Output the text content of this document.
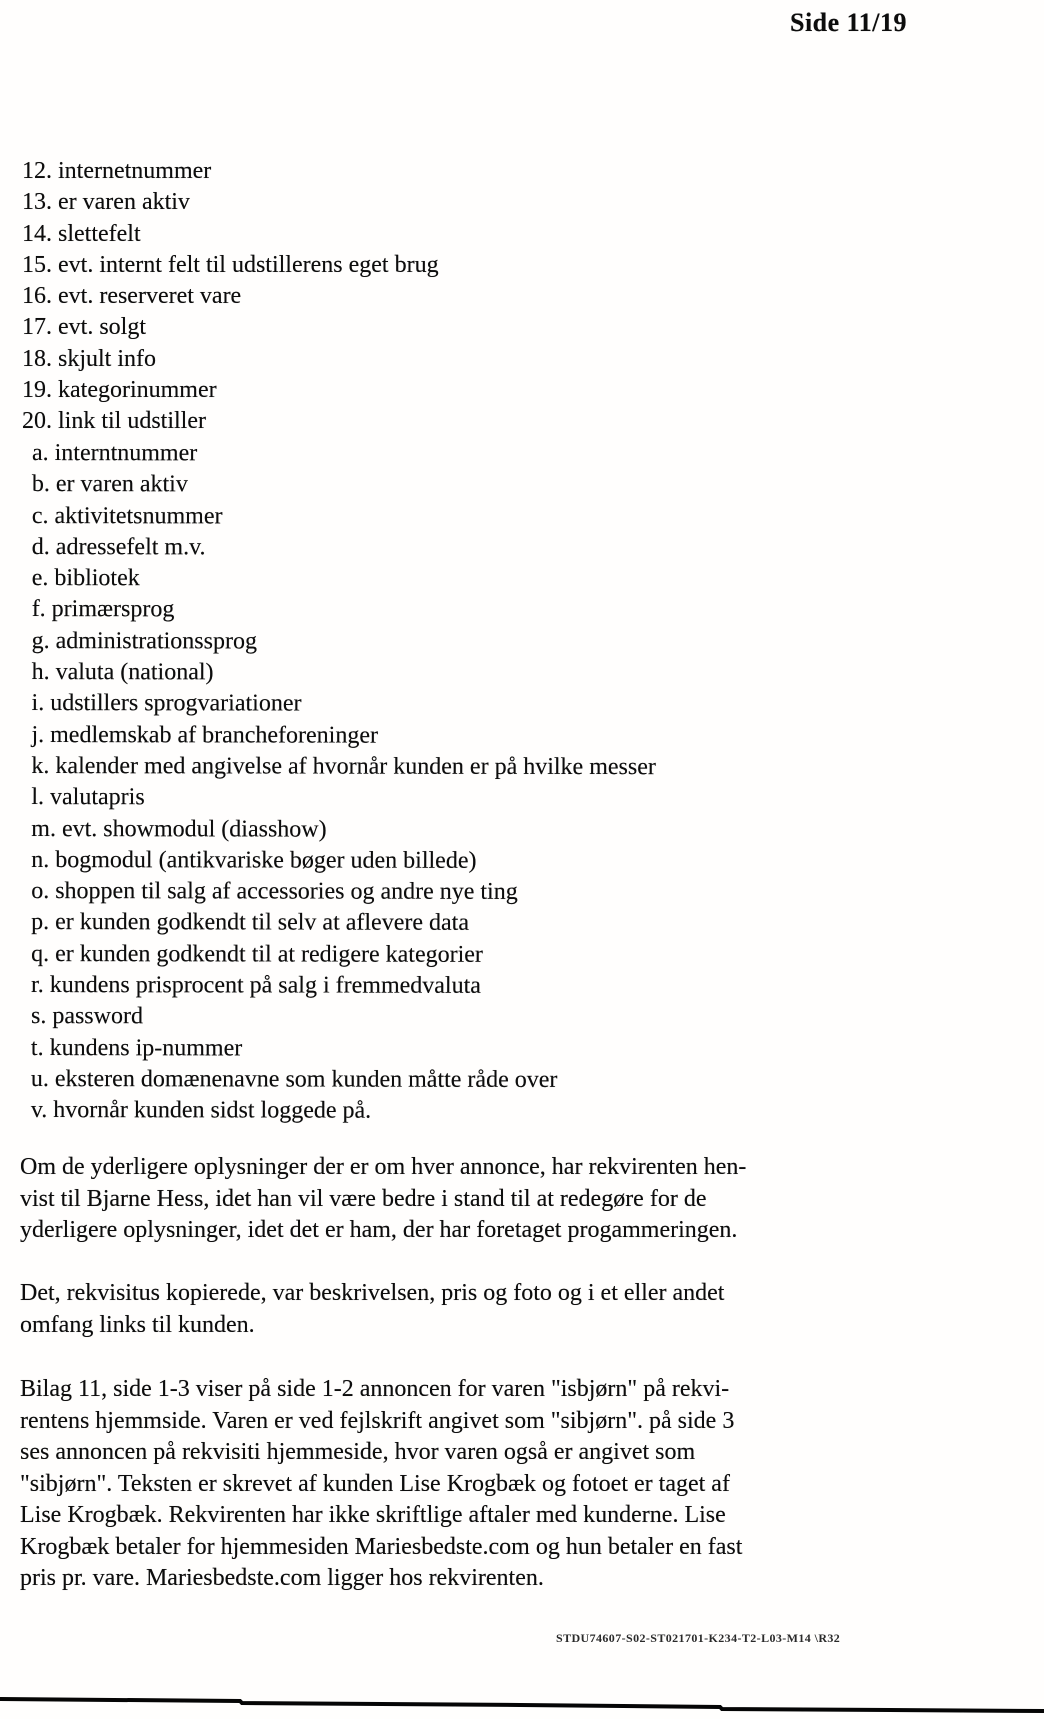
Side 11/19
12. internetnummer
13. er varen aktiv
14. slettefelt
15. evt. internt felt til udstillerens eget brug
16. evt. reserveret vare
17. evt. solgt
18. skjult info
19. kategorinummer
20. link til udstiller
a. interntnummer
b. er varen aktiv
c. aktivitetsnummer
d. adressefelt m.v.
e. bibliotek
f. primærsprog
g. administrationssprog
h. valuta (national)
i. udstillers sprogvariationer
j. medlemskab af brancheforeninger
k. kalender med angivelse af hvornår kunden er på hvilke messer
l. valutapris
m. evt. showmodul (diasshow)
n. bogmodul (antikvariske bøger uden billede)
o. shoppen til salg af accessories og andre nye ting
p. er kunden godkendt til selv at aflevere data
q. er kunden godkendt til at redigere kategorier
r. kundens prisprocent på salg i fremmedvaluta
s. password
t. kundens ip-nummer
u. eksteren domænenavne som kunden måtte råde over
v. hvornår kunden sidst loggede på.
Om de yderligere oplysninger der er om hver annonce, har rekvirenten hen-
vist til Bjarne Hess, idet han vil være bedre i stand til at redegøre for de
yderligere oplysninger, idet det er ham, der har foretaget progammeringen.
Det, rekvisitus kopierede, var beskrivelsen, pris og foto og i et eller andet
omfang links til kunden.
Bilag 11, side 1-3 viser på side 1-2 annoncen for varen "isbjørn" på rekvi-
rentens hjemmside. Varen er ved fejlskrift angivet som "sibjørn". på side 3
ses annoncen på rekvisiti hjemmeside, hvor varen også er angivet som
"sibjørn". Teksten er skrevet af kunden Lise Krogbæk og fotoet er taget af
Lise Krogbæk. Rekvirenten har ikke skriftlige aftaler med kunderne. Lise
Krogbæk betaler for hjemmesiden Mariesbedste.com og hun betaler en fast
pris pr. vare. Mariesbedste.com ligger hos rekvirenten.
STDU74607-S02-ST021701-K234-T2-L03-M14 \R32
